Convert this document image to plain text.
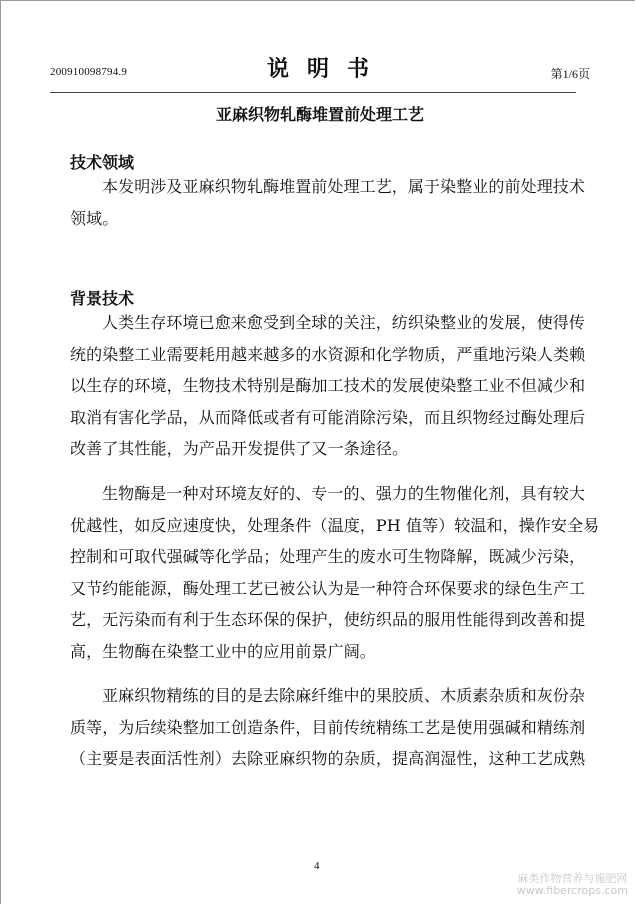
200910098794.9	说明书	第1/6页
亚麻织物轧酶堆置前处理工艺
技术领域
本发明涉及亚麻织物轧酶堆置前处理工艺，属于染整业的前处理技术
领域。
背景技术
人类生存环境已愈来愈受到全球的关注，纺织染整业的发展，使得传
统的染整工业需要耗用越来越多的水资源和化学物质，严重地污染人类赖
以生存的环境，生物技术特别是酶加工技术的发展使染整工业不但减少和
取消有害化学品，从而降低或者有可能消除污染，而且织物经过酶处理后
改善了其性能，为产品开发提供了又一条途径。
生物酶是一种对环境友好的、专一的、强力的生物催化剂，具有较大
优越性，如反应速度快，处理条件（温度，PH 值等）较温和，操作安全易
控制和可取代强碱等化学品；处理产生的废水可生物降解，既减少污染，
又节约能能源，酶处理工艺已被公认为是一种符合环保要求的绿色生产工
艺，无污染而有利于生态环保的保护，使纺织品的服用性能得到改善和提
高，生物酶在染整工业中的应用前景广阔。
亚麻织物精练的目的是去除麻纤维中的果胶质、木质素杂质和灰份杂
质等，为后续染整加工创造条件，目前传统精练工艺是使用强碱和精练剂
（主要是表面活性剂）去除亚麻织物的杂质，提高润湿性，这种工艺成熟
4
麻类作物营养与施肥网
www.fibercrops.com
